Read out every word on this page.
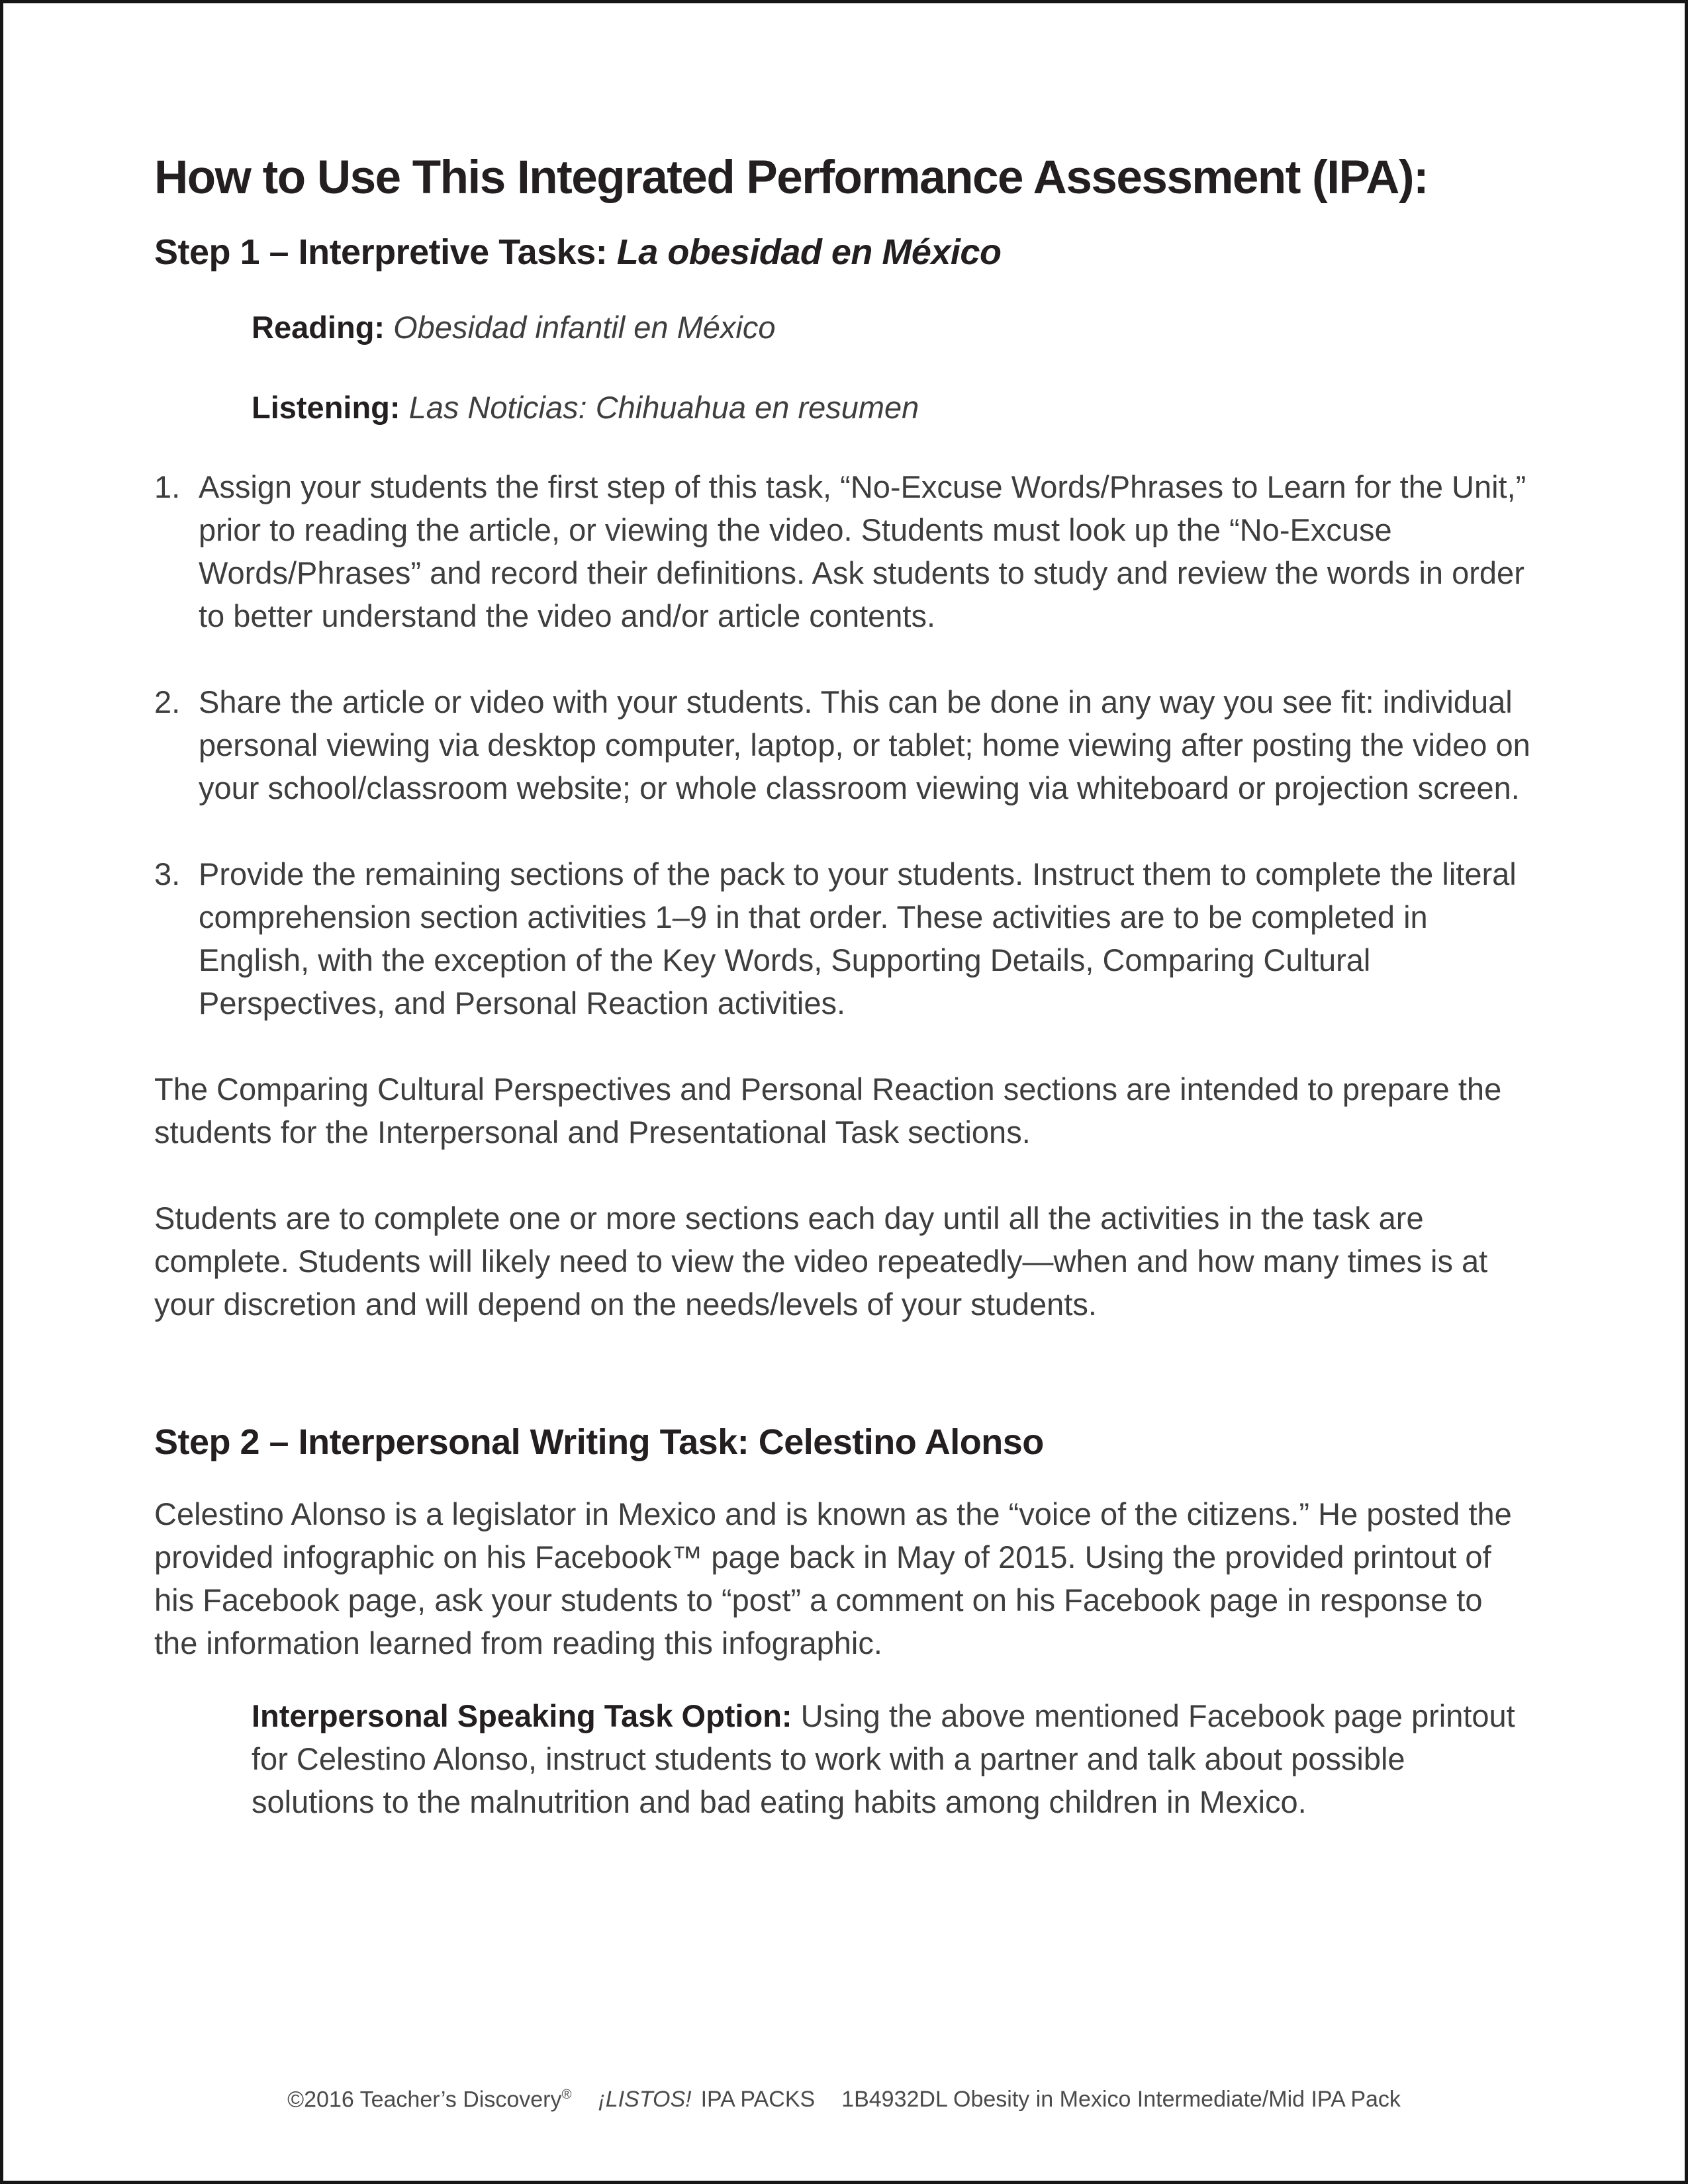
How to Use This Integrated Performance Assessment (IPA):
Step 1 – Interpretive Tasks: La obesidad en México
Reading: Obesidad infantil en México
Listening: Las Noticias: Chihuahua en resumen
1. Assign your students the first step of this task, “No-Excuse Words/Phrases to Learn for the Unit,” prior to reading the article, or viewing the video. Students must look up the “No-Excuse Words/Phrases” and record their definitions. Ask students to study and review the words in order to better understand the video and/or article contents.
2. Share the article or video with your students. This can be done in any way you see fit: individual personal viewing via desktop computer, laptop, or tablet; home viewing after posting the video on your school/classroom website; or whole classroom viewing via whiteboard or projection screen.
3. Provide the remaining sections of the pack to your students. Instruct them to complete the literal comprehension section activities 1–9 in that order. These activities are to be completed in English, with the exception of the Key Words, Supporting Details, Comparing Cultural Perspectives, and Personal Reaction activities.

The Comparing Cultural Perspectives and Personal Reaction sections are intended to prepare the students for the Interpersonal and Presentational Task sections.

Students are to complete one or more sections each day until all the activities in the task are complete. Students will likely need to view the video repeatedly—when and how many times is at your discretion and will depend on the needs/levels of your students.

Step 2 – Interpersonal Writing Task: Celestino Alonso

Celestino Alonso is a legislator in Mexico and is known as the “voice of the citizens.” He posted the provided infographic on his Facebook™ page back in May of 2015. Using the provided printout of his Facebook page, ask your students to “post” a comment on his Facebook page in response to the information learned from reading this infographic.

Interpersonal Speaking Task Option: Using the above mentioned Facebook page printout for Celestino Alonso, instruct students to work with a partner and talk about possible solutions to the malnutrition and bad eating habits among children in Mexico.

©2016 Teacher’s Discovery® ¡LISTOS! IPA PACKS 1B4932DL Obesity in Mexico Intermediate/Mid IPA Pack
